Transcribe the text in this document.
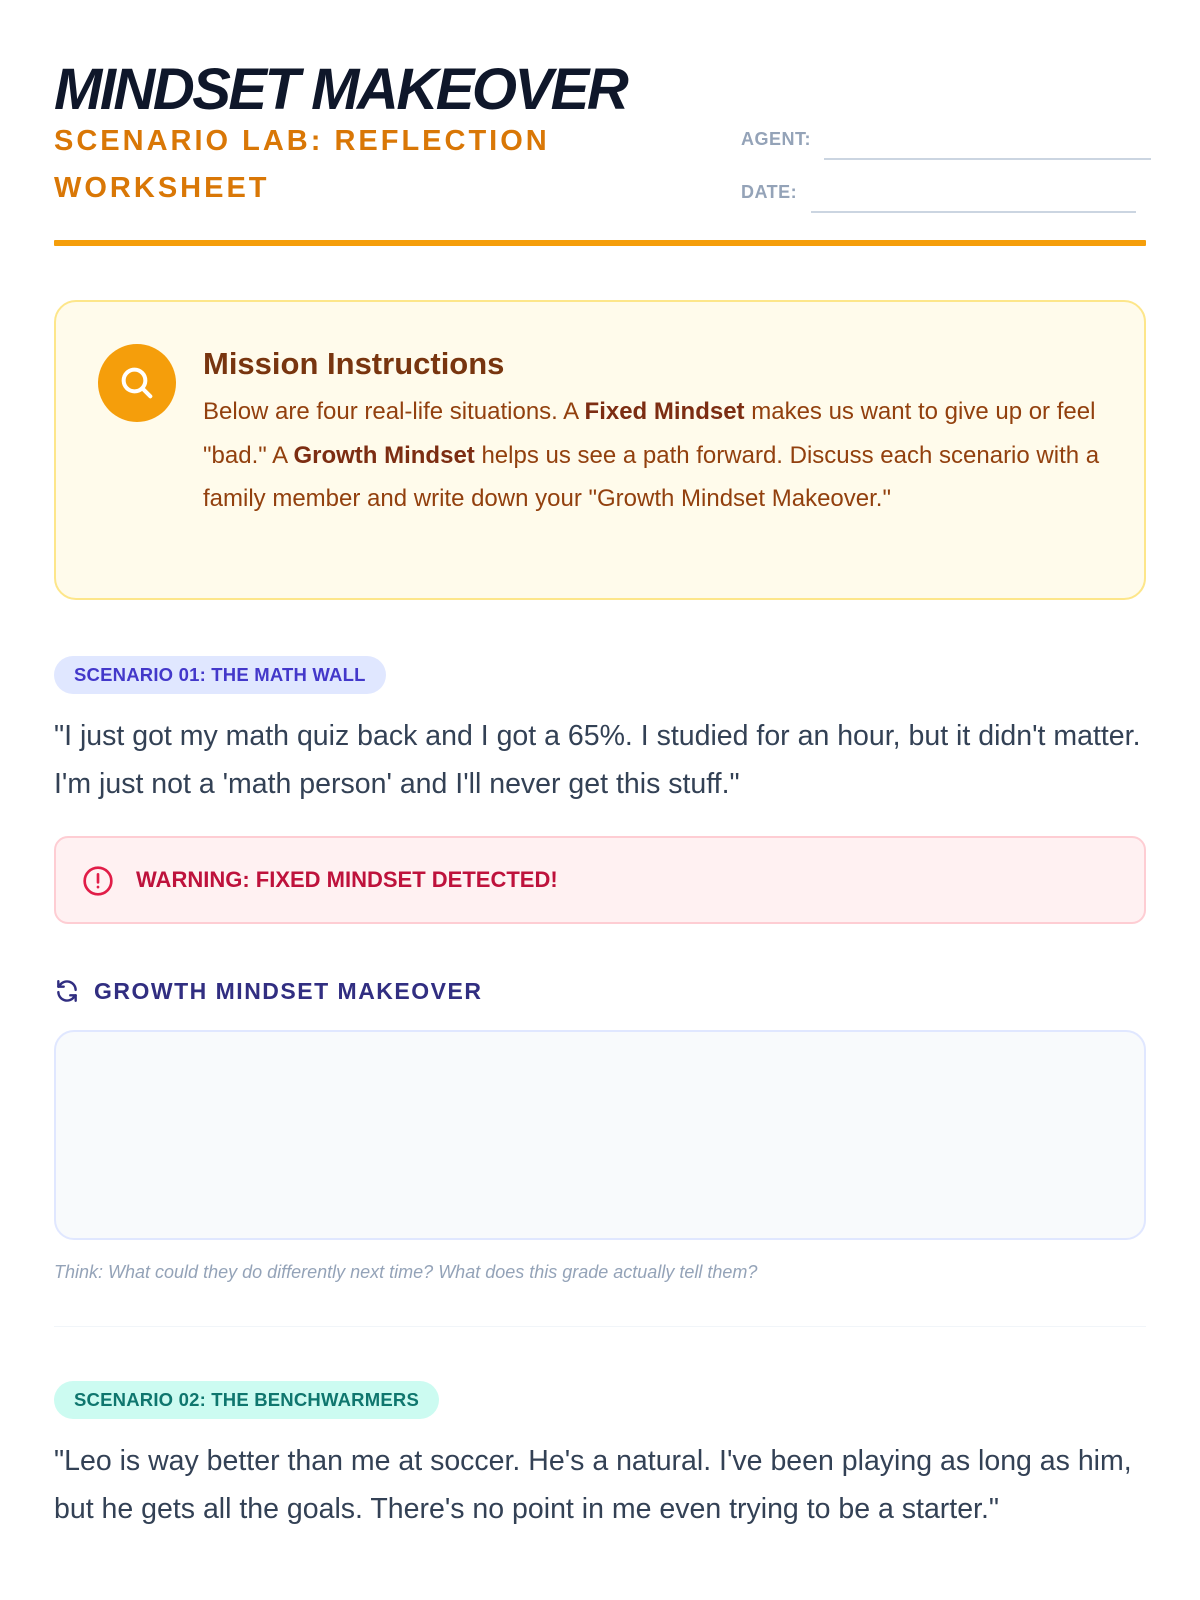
MINDSET MAKEOVER
SCENARIO LAB: REFLECTION WORKSHEET
AGENT:
DATE:
Mission Instructions

Below are four real-life situations. A Fixed Mindset makes us want to give up or feel "bad." A Growth Mindset helps us see a path forward. Discuss each scenario with a family member and write down your "Growth Mindset Makeover."

SCENARIO 01: THE MATH WALL

"I just got my math quiz back and I got a 65%. I studied for an hour, but it didn't matter. I'm just not a 'math person' and I'll never get this stuff."

WARNING: FIXED MINDSET DETECTED!
GROWTH MINDSET MAKEOVER

Think: What could they do differently next time? What does this grade actually tell them?

SCENARIO 02: THE BENCHWARMERS

"Leo is way better than me at soccer. He's a natural. I've been playing as long as him, but he gets all the goals. There's no point in me even trying to be a starter."
